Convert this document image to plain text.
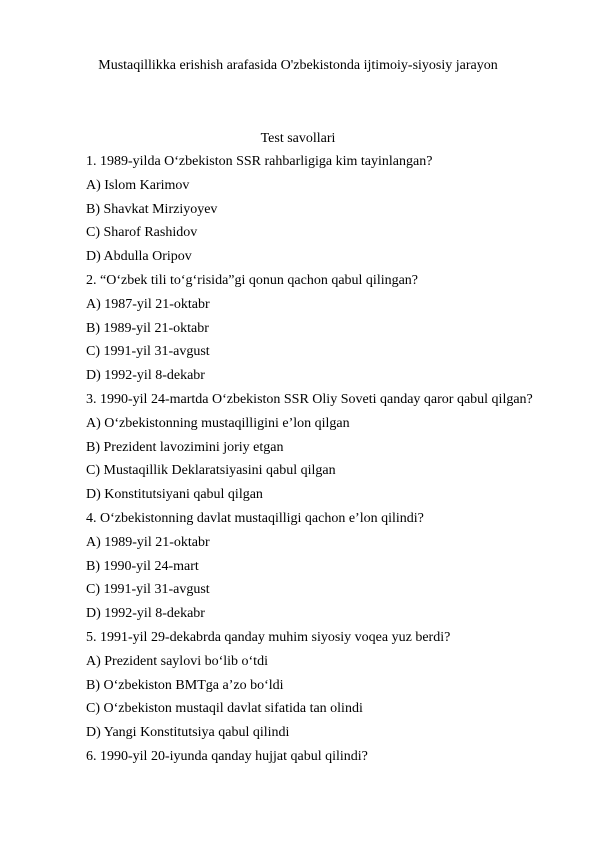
Mustaqillikka erishish arafasida O'zbekistonda ijtimoiy-siyosiy jarayon
Test savollari
1. 1989-yilda O‘zbekiston SSR rahbarligiga kim tayinlangan?
A) Islom Karimov
B) Shavkat Mirziyoyev
C) Sharof Rashidov
D) Abdulla Oripov
2. “O‘zbek tili to‘g‘risida”gi qonun qachon qabul qilingan?
A) 1987-yil 21-oktabr
B) 1989-yil 21-oktabr
C) 1991-yil 31-avgust
D) 1992-yil 8-dekabr
3. 1990-yil 24-martda O‘zbekiston SSR Oliy Soveti qanday qaror qabul qilgan?
A) O‘zbekistonning mustaqilligini e’lon qilgan
B) Prezident lavozimini joriy etgan
C) Mustaqillik Deklaratsiyasini qabul qilgan
D) Konstitutsiyani qabul qilgan
4. O‘zbekistonning davlat mustaqilligi qachon e’lon qilindi?
A) 1989-yil 21-oktabr
B) 1990-yil 24-mart
C) 1991-yil 31-avgust
D) 1992-yil 8-dekabr
5. 1991-yil 29-dekabrda qanday muhim siyosiy voqea yuz berdi?
A) Prezident saylovi bo‘lib o‘tdi
B) O‘zbekiston BMTga a’zo bo‘ldi
C) O‘zbekiston mustaqil davlat sifatida tan olindi
D) Yangi Konstitutsiya qabul qilindi
6. 1990-yil 20-iyunda qanday hujjat qabul qilindi?
